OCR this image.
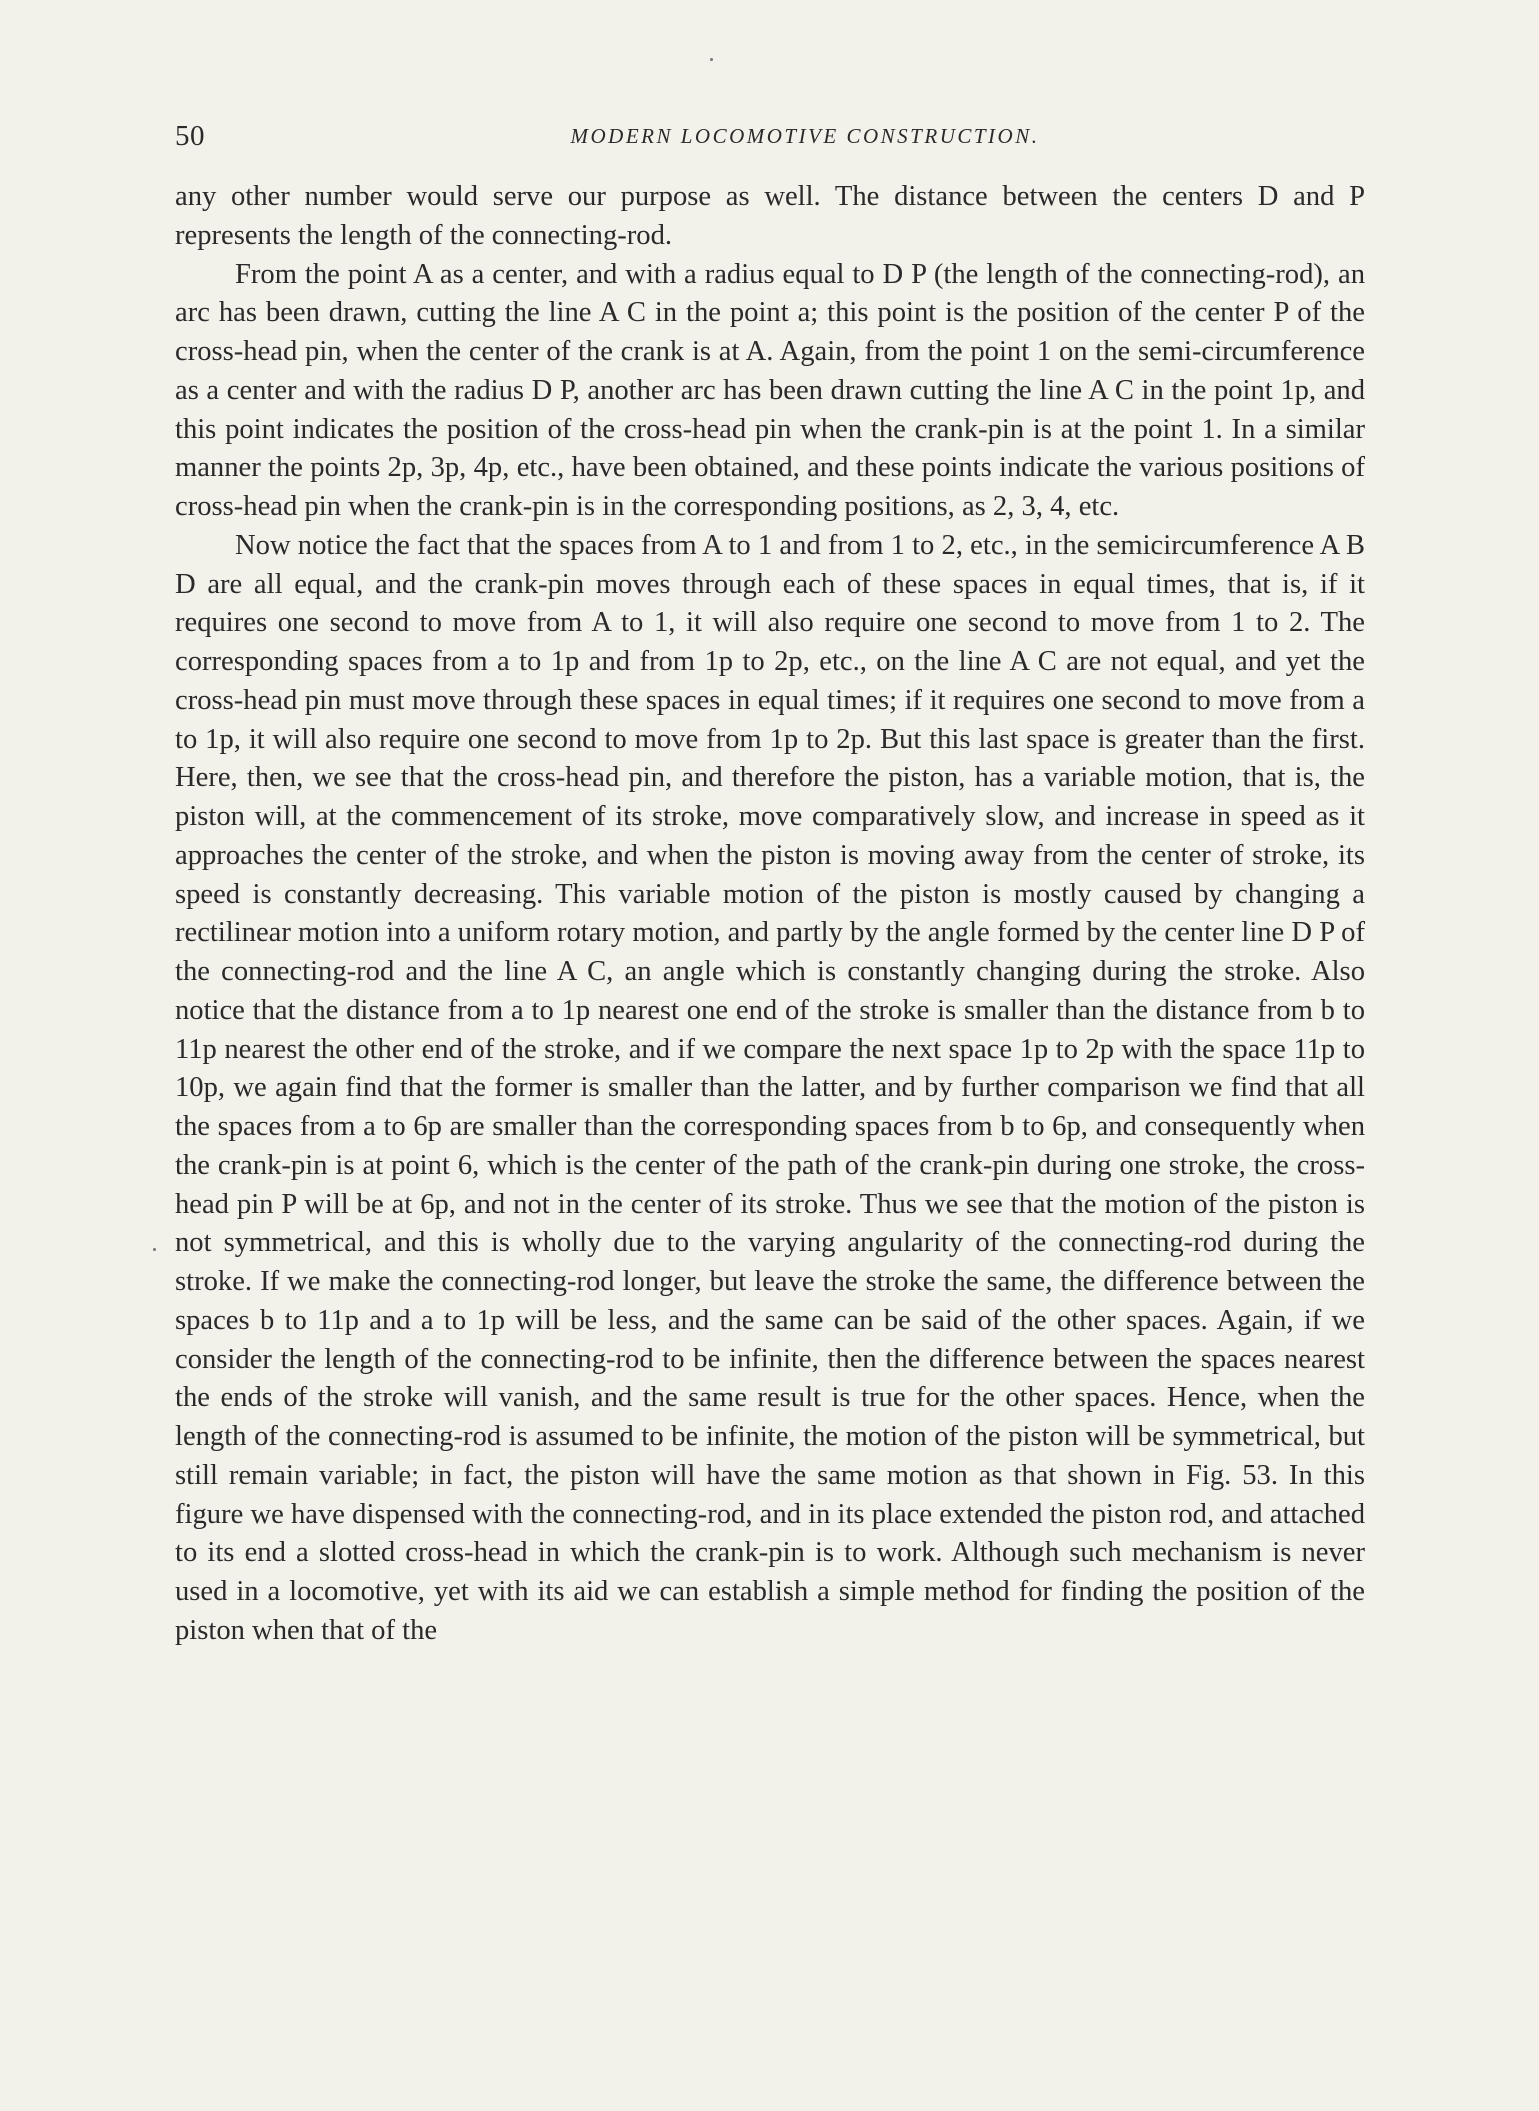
50	MODERN LOCOMOTIVE CONSTRUCTION.

any other number would serve our purpose as well. The distance between the centers D and P represents the length of the connecting-rod.

From the point A as a center, and with a radius equal to D P (the length of the connecting-rod), an arc has been drawn, cutting the line A C in the point a; this point is the position of the center P of the cross-head pin, when the center of the crank is at A. Again, from the point 1 on the semi-circumference as a center and with the radius D P, another arc has been drawn cutting the line A C in the point 1p, and this point indicates the position of the cross-head pin when the crank-pin is at the point 1. In a similar manner the points 2p, 3p, 4p, etc., have been obtained, and these points indicate the various positions of cross-head pin when the crank-pin is in the corresponding positions, as 2, 3, 4, etc.

Now notice the fact that the spaces from A to 1 and from 1 to 2, etc., in the semicircumference A B D are all equal, and the crank-pin moves through each of these spaces in equal times, that is, if it requires one second to move from A to 1, it will also require one second to move from 1 to 2. The corresponding spaces from a to 1p and from 1p to 2p, etc., on the line A C are not equal, and yet the cross-head pin must move through these spaces in equal times; if it requires one second to move from a to 1p, it will also require one second to move from 1p to 2p. But this last space is greater than the first. Here, then, we see that the cross-head pin, and therefore the piston, has a variable motion, that is, the piston will, at the commencement of its stroke, move comparatively slow, and increase in speed as it approaches the center of the stroke, and when the piston is moving away from the center of stroke, its speed is constantly decreasing. This variable motion of the piston is mostly caused by changing a rectilinear motion into a uniform rotary motion, and partly by the angle formed by the center line D P of the connecting-rod and the line A C, an angle which is constantly changing during the stroke. Also notice that the distance from a to 1p nearest one end of the stroke is smaller than the distance from b to 11p nearest the other end of the stroke, and if we compare the next space 1p to 2p with the space 11p to 10p, we again find that the former is smaller than the latter, and by further comparison we find that all the spaces from a to 6p are smaller than the corresponding spaces from b to 6p, and consequently when the crank-pin is at point 6, which is the center of the path of the crank-pin during one stroke, the cross-head pin P will be at 6p, and not in the center of its stroke. Thus we see that the motion of the piston is not symmetrical, and this is wholly due to the varying angularity of the connecting-rod during the stroke. If we make the connecting-rod longer, but leave the stroke the same, the difference between the spaces b to 11p and a to 1p will be less, and the same can be said of the other spaces. Again, if we consider the length of the connecting-rod to be infinite, then the difference between the spaces nearest the ends of the stroke will vanish, and the same result is true for the other spaces. Hence, when the length of the connecting-rod is assumed to be infinite, the motion of the piston will be symmetrical, but still remain variable; in fact, the piston will have the same motion as that shown in Fig. 53. In this figure we have dispensed with the connecting-rod, and in its place extended the piston rod, and attached to its end a slotted cross-head in which the crank-pin is to work. Although such mechanism is never used in a locomotive, yet with its aid we can establish a simple method for finding the position of the piston when that of the
